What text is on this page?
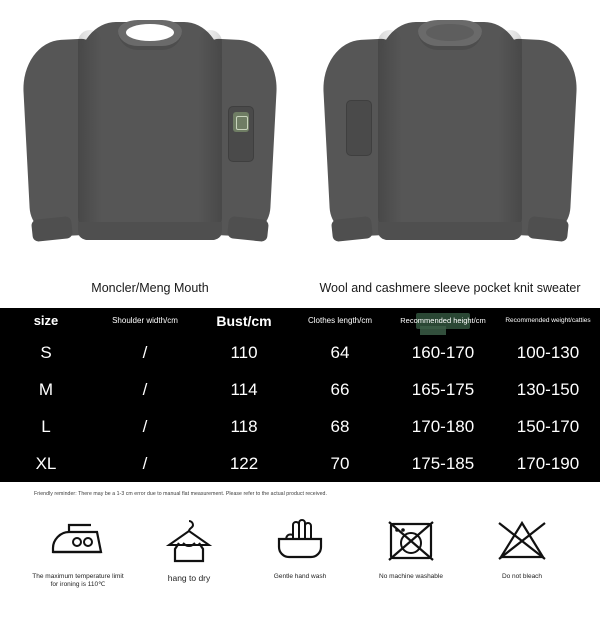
Moncler/Meng Mouth	Wool and cashmere sleeve pocket knit sweater
size	Shoulder width/cm	Bust/cm	Clothes length/cm	Recommended height/cm	Recommended weight/catties
S	/	110	64	160-170	100-130
M	/	114	66	165-175	130-150
L	/	118	68	170-180	150-170
XL	/	122	70	175-185	170-190
Friendly reminder: There may be a 1-3 cm error due to manual flat measurement. Please refer to the actual product received.
The maximum temperature limit for ironing is 110℃
hang to dry	Gentle hand wash	No machine washable	Do not bleach
